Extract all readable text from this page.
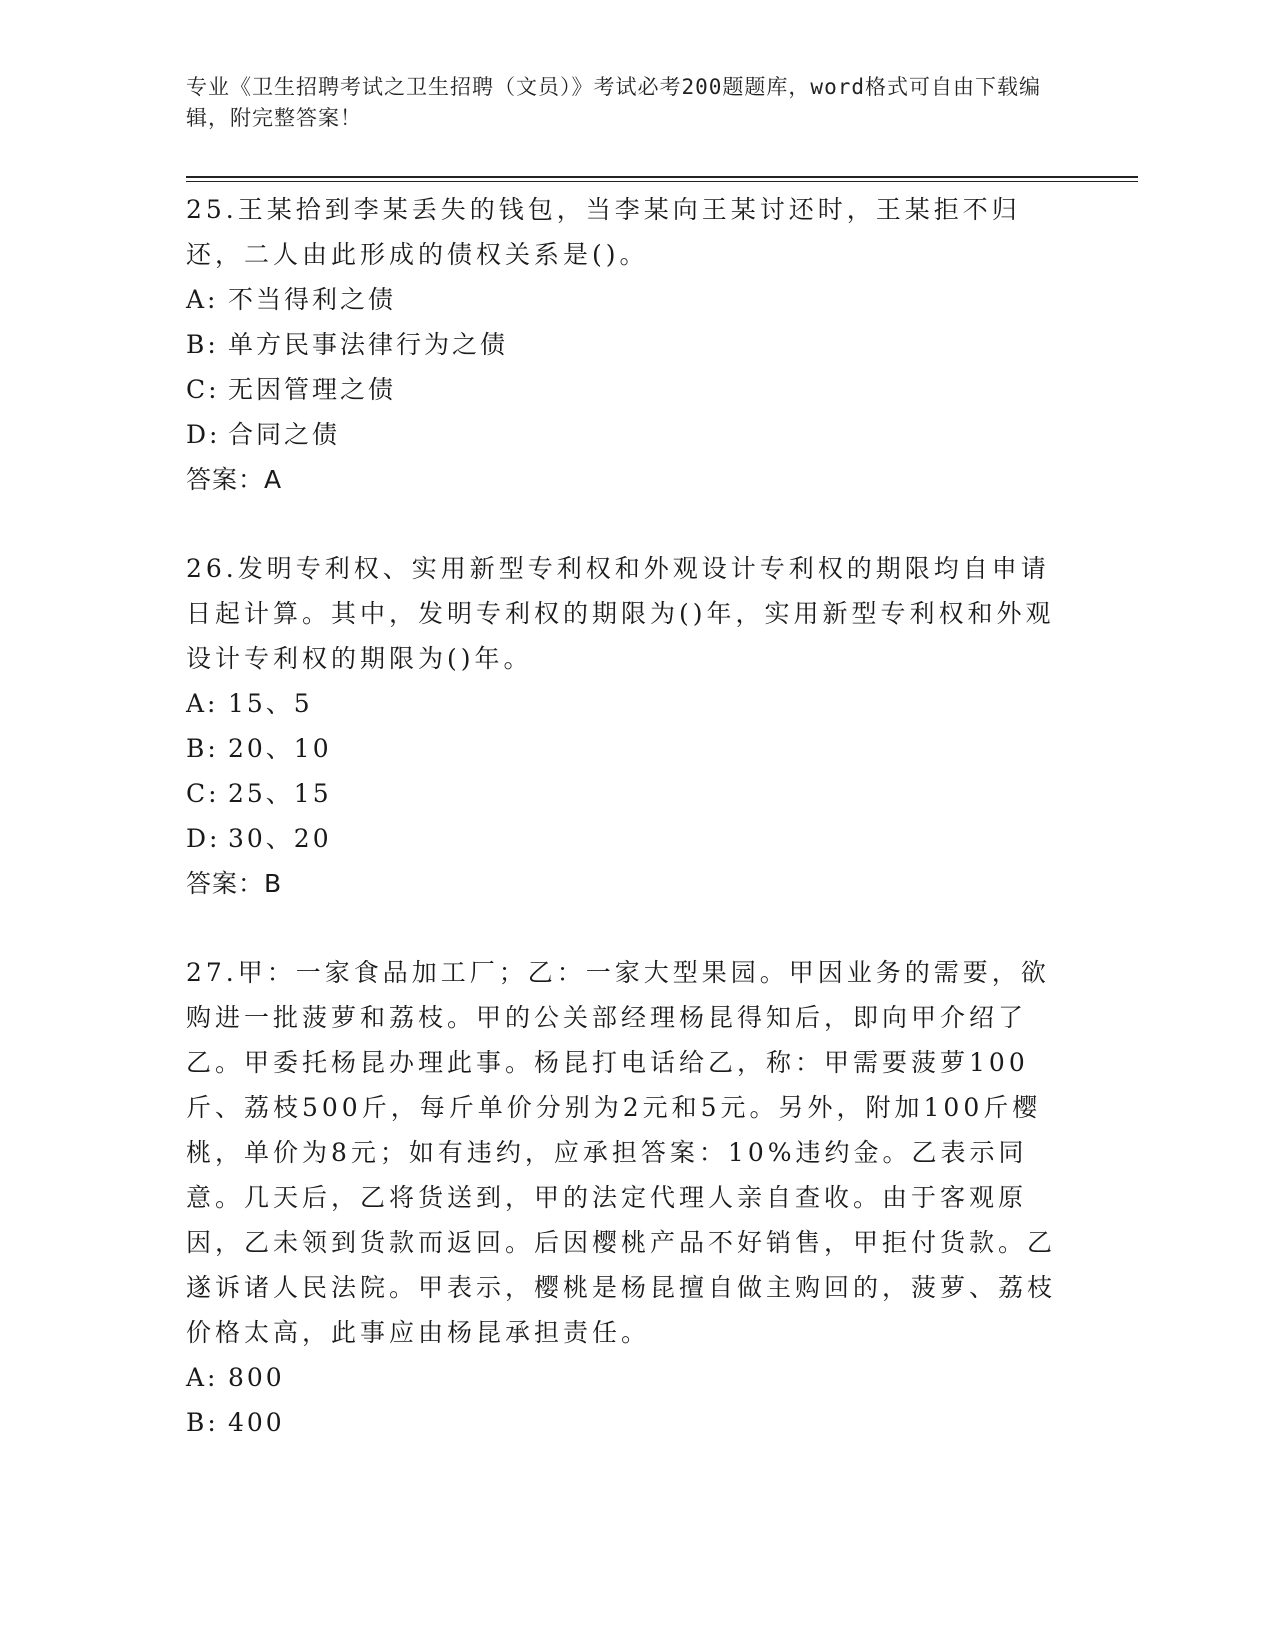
专业《卫生招聘考试之卫生招聘（文员）》考试必考200题题库，word格式可自由下载编辑，附完整答案！

25.王某拾到李某丢失的钱包，当李某向王某讨还时，王某拒不归还，二人由此形成的债权关系是()。

A: 不当得利之债

B: 单方民事法律行为之债

C: 无因管理之债

D: 合同之债

答案：A

26.发明专利权、实用新型专利权和外观设计专利权的期限均自申请日起计算。其中，发明专利权的期限为()年，实用新型专利权和外观设计专利权的期限为()年。

A: 15、5

B: 20、10

C: 25、15

D: 30、20

答案：B

27.甲：一家食品加工厂；乙：一家大型果园。甲因业务的需要，欲购进一批菠萝和荔枝。甲的公关部经理杨昆得知后，即向甲介绍了乙。甲委托杨昆办理此事。杨昆打电话给乙，称：甲需要菠萝100斤、荔枝500斤，每斤单价分别为2元和5元。另外，附加100斤樱桃，单价为8元；如有违约，应承担答案：10%违约金。乙表示同意。几天后，乙将货送到，甲的法定代理人亲自查收。由于客观原因，乙未领到货款而返回。后因樱桃产品不好销售，甲拒付货款。乙遂诉诸人民法院。甲表示，樱桃是杨昆擅自做主购回的，菠萝、荔枝价格太高，此事应由杨昆承担责任。

A: 800

B: 400
